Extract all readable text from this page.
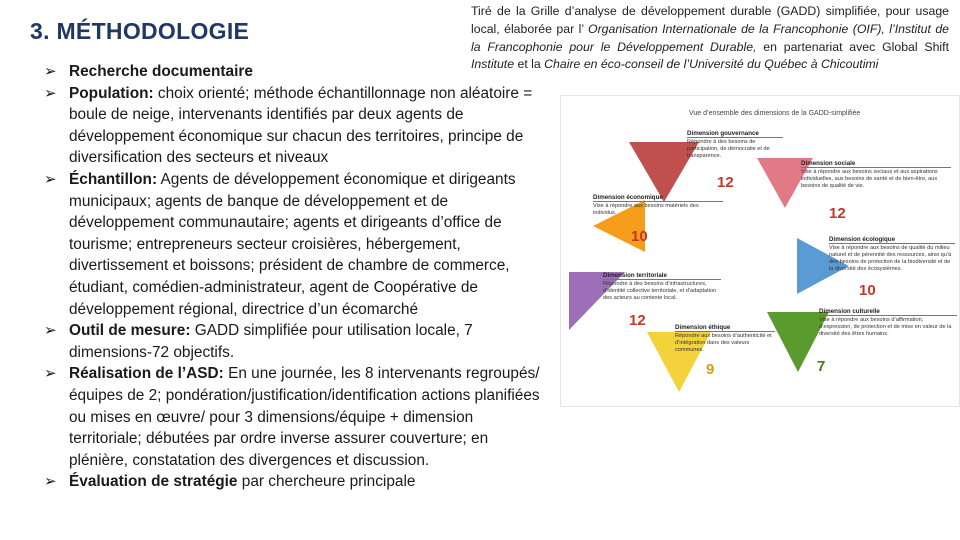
3. MÉTHODOLOGIE
Tiré de la Grille d’analyse de développement durable (GADD) simplifiée, pour usage local, élaborée par l’ Organisation Internationale de la Francophonie (OIF), l’Institut de la Francophonie pour le Développement Durable, en partenariat avec Global Shift Institute et la Chaire en éco-conseil de l’Université du Québec à Chicoutimi
➢ Recherche documentaire
➢ Population: choix orienté; méthode échantillonnage non aléatoire = boule de neige, intervenants identifiés par deux agents de développement économique sur chacun des territoires, principe de diversification des secteurs et niveaux
➢ Échantillon: Agents de développement économique et dirigeants municipaux; agents de banque de développement et de développement communautaire; agents et dirigeants d’office de tourisme; entrepreneurs secteur croisières, hébergement, divertissement et boissons; président de chambre de commerce, étudiant, comédien-administrateur, agent de Coopérative de développement régional, directrice d’un écomarché
➢ Outil de mesure: GADD simplifiée pour utilisation locale, 7 dimensions-72 objectifs.
➢ Réalisation de l’ASD: En une journée, les 8 intervenants regroupés/équipes de 2; pondération/justification/identification actions planifiées ou mises en œuvre/ pour 3 dimensions/équipe + dimension territoriale; débutées par ordre inverse assurer couverture; en plénière, constatation des divergences et discussion.
➢ Évaluation de stratégie par chercheure principale
Vue d’ensemble des dimensions de la GADD-simplifiée
Dimension gouvernance
Répondre à des besoins de participation, de démocratie et de transparence.
12
Dimension sociale
Vise à répondre aux besoins sociaux et aux aspirations individuelles, aux besoins de santé et de bien-être, aux besoins de qualité de vie.
12
Dimension économique
Vise à répondre aux besoins matériels des individus.
10	Dimension écologique
Vise à répondre aux besoins de qualité du milieu naturel et de pérennité des ressources, ainsi qu’à des besoins de protection de la biodiversité et de la diversité des écosystèmes.
10
Dimension territoriale
Répondre à des besoins d’infrastructures, d’identité collective territoriale, et d’adaptation des acteurs au contexte local.
12	Dimension éthique
Répondre aux besoins d’authenticité et d’intégration dans des valeurs communes.
9
Dimension culturelle
Vise à répondre aux besoins d’affirmation, d’expression, de protection et de mise en valeur de la diversité des êtres humains.
7
